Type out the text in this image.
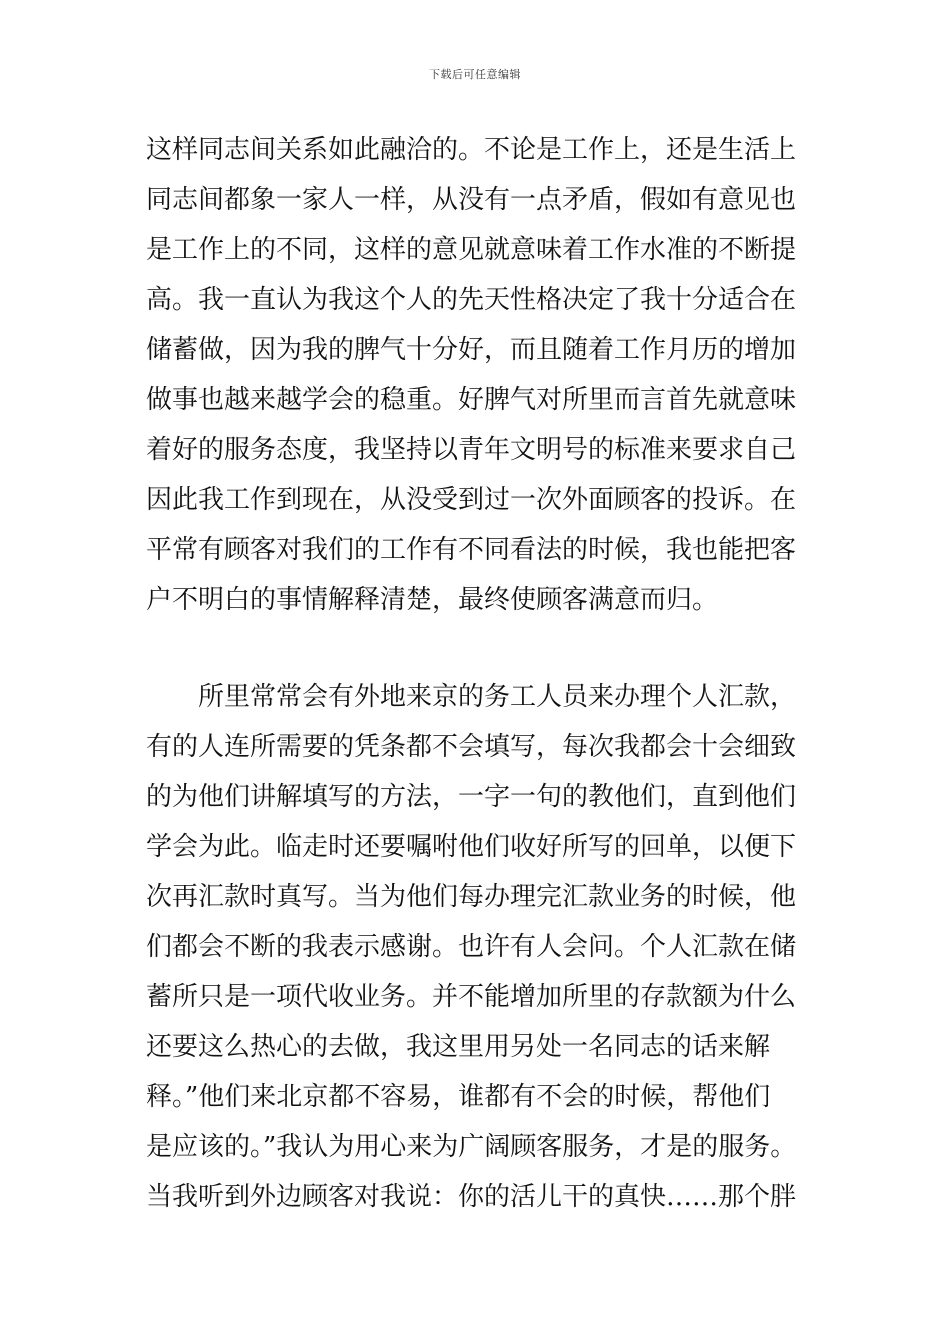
下载后可任意编辑
这样同志间关系如此融洽的。不论是工作上，还是生活上
同志间都象一家人一样，从没有一点矛盾，假如有意见也
是工作上的不同，这样的意见就意味着工作水准的不断提
高。我一直认为我这个人的先天性格决定了我十分适合在
储蓄做，因为我的脾气十分好，而且随着工作月历的增加
做事也越来越学会的稳重。好脾气对所里而言首先就意味
着好的服务态度，我坚持以青年文明号的标准来要求自己
因此我工作到现在，从没受到过一次外面顾客的投诉。在
平常有顾客对我们的工作有不同看法的时候，我也能把客
户不明白的事情解释清楚，最终使顾客满意而归。
所里常常会有外地来京的务工人员来办理个人汇款，
有的人连所需要的凭条都不会填写，每次我都会十会细致
的为他们讲解填写的方法，一字一句的教他们，直到他们
学会为此。临走时还要嘱咐他们收好所写的回单，以便下
次再汇款时真写。当为他们每办理完汇款业务的时候，他
们都会不断的我表示感谢。也许有人会问。个人汇款在储
蓄所只是一项代收业务。并不能增加所里的存款额为什么
还要这么热心的去做，我这里用另处一名同志的话来解
释。”他们来北京都不容易，谁都有不会的时候，帮他们
是应该的。”我认为用心来为广阔顾客服务，才是的服务。
当我听到外边顾客对我说：你的活儿干的真快……那个胖
